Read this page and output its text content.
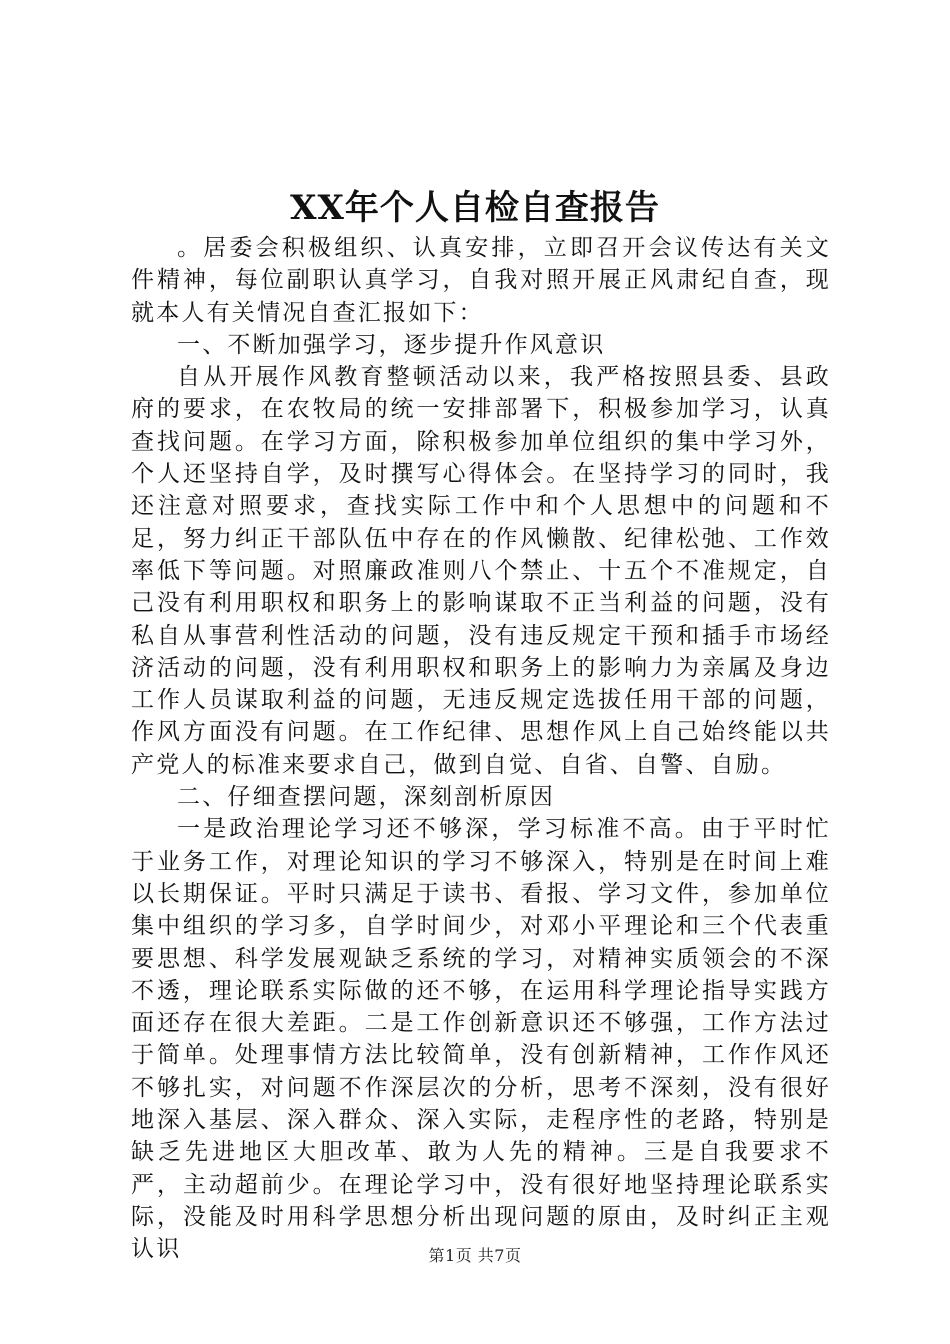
XX年个人自检自查报告

。居委会积极组织、认真安排，立即召开会议传达有关文件精神，每位副职认真学习，自我对照开展正风肃纪自查，现就本人有关情况自查汇报如下：

一、不断加强学习，逐步提升作风意识

自从开展作风教育整顿活动以来，我严格按照县委、县政府的要求，在农牧局的统一安排部署下，积极参加学习，认真查找问题。在学习方面，除积极参加单位组织的集中学习外，个人还坚持自学，及时撰写心得体会。在坚持学习的同时，我还注意对照要求，查找实际工作中和个人思想中的问题和不足，努力纠正干部队伍中存在的作风懒散、纪律松弛、工作效率低下等问题。对照廉政准则八个禁止、十五个不准规定，自己没有利用职权和职务上的影响谋取不正当利益的问题，没有私自从事营利性活动的问题，没有违反规定干预和插手市场经济活动的问题，没有利用职权和职务上的影响力为亲属及身边工作人员谋取利益的问题，无违反规定选拔任用干部的问题，作风方面没有问题。在工作纪律、思想作风上自己始终能以共产党人的标准来要求自己，做到自觉、自省、自警、自励。

二、仔细查摆问题，深刻剖析原因

一是政治理论学习还不够深，学习标准不高。由于平时忙于业务工作，对理论知识的学习不够深入，特别是在时间上难以长期保证。平时只满足于读书、看报、学习文件，参加单位集中组织的学习多，自学时间少，对邓小平理论和三个代表重要思想、科学发展观缺乏系统的学习，对精神实质领会的不深不透，理论联系实际做的还不够，在运用科学理论指导实践方面还存在很大差距。二是工作创新意识还不够强，工作方法过于简单。处理事情方法比较简单，没有创新精神，工作作风还不够扎实，对问题不作深层次的分析，思考不深刻，没有很好地深入基层、深入群众、深入实际，走程序性的老路，特别是缺乏先进地区大胆改革、敢为人先的精神。三是自我要求不严，主动超前少。在理论学习中，没有很好地坚持理论联系实际，没能及时用科学思想分析出现问题的原由，及时纠正主观认识	第1页 共7页
